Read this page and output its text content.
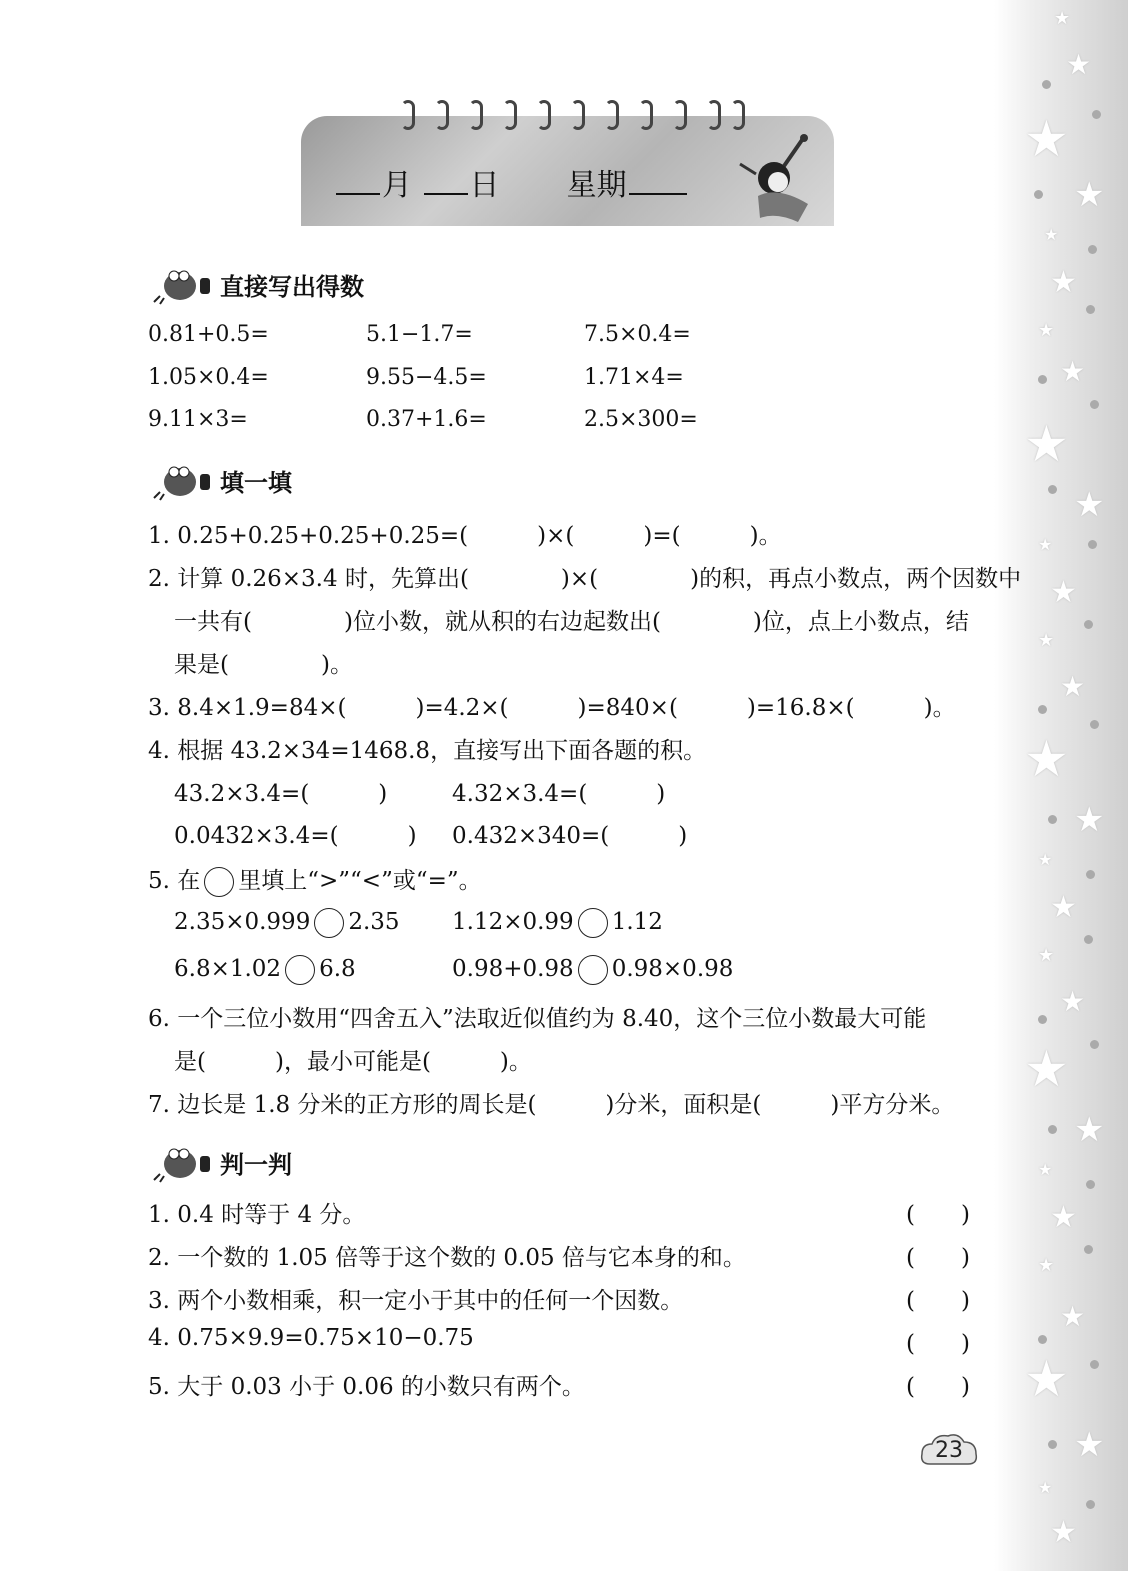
★
★
★
★
★
★
★
★
★
★
★
★
★
★
★
★
★
★
★
★
★
★
★
★
★
★
★
★
★
★
月 日 星期
直接写出得数
0.81+0.5=	5.1−1.7=	7.5×0.4=
1.05×0.4=	9.55−4.5=	1.71×4=
9.11×3=	0.37+1.6=	2.5×300=
填一填
1. 0.25+0.25+0.25+0.25=(　　　)×(　　　)=(　　　)。
2. 计算 0.26×3.4 时，先算出(　　　　)×(　　　　)的积，再点小数点，两个因数中
一共有(　　　　)位小数，就从积的右边起数出(　　　　)位，点上小数点，结
果是(　　　　)。
3. 8.4×1.9=84×(　　　)=4.2×(　　　)=840×(　　　)=16.8×(　　　)。
4. 根据 43.2×34=1468.8，直接写出下面各题的积。
43.2×3.4=(　　　)	4.32×3.4=(　　　)
0.0432×3.4=(　　　) 0.432×340=(　　　)
5. 在 里填上“>”“<”或“=”。
2.35×0.999 2.35 1.12×0.99 1.12
6.8×1.02 6.8	0.98+0.98 0.98×0.98
6. 一个三位小数用“四舍五入”法取近似值约为 8.40，这个三位小数最大可能
是(　　　)，最小可能是(　　　)。
7. 边长是 1.8 分米的正方形的周长是(　　　)分米，面积是(　　　)平方分米。
判一判
1. 0.4 时等于 4 分。	(　　)
2. 一个数的 1.05 倍等于这个数的 0.05 倍与它本身的和。	(　　)
3. 两个小数相乘，积一定小于其中的任何一个因数。	(　　)
4. 0.75×9.9=0.75×10−0.75	(　　)
5. 大于 0.03 小于 0.06 的小数只有两个。	(　　)
23
